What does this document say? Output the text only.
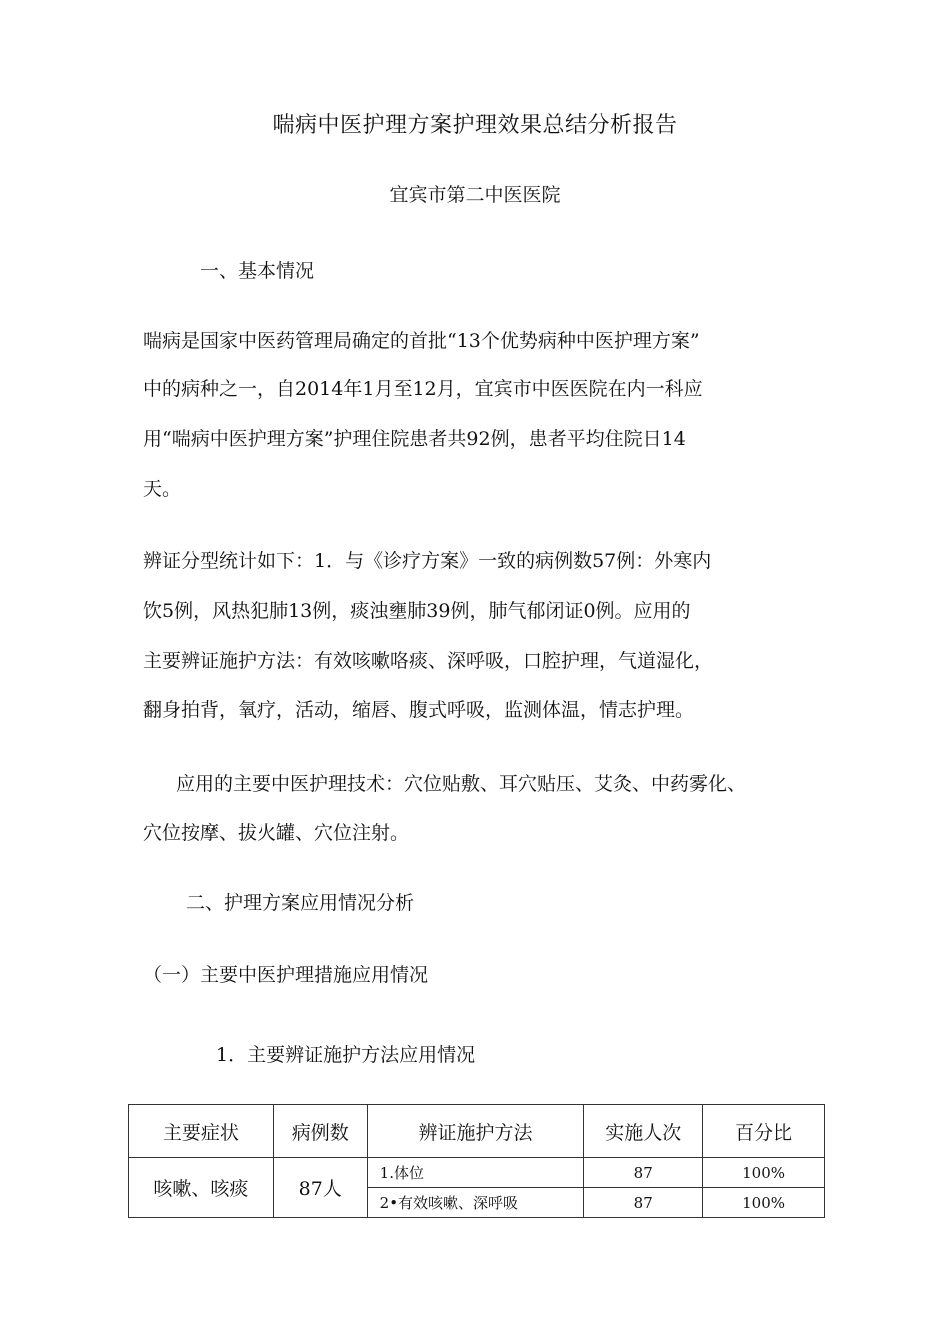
喘病中医护理方案护理效果总结分析报告
宜宾市第二中医医院
一、基本情况
喘病是国家中医药管理局确定的首批“13个优势病种中医护理方案”
中的病种之一，自2014年1月至12月，宜宾市中医医院在内一科应
用“喘病中医护理方案”护理住院患者共92例，患者平均住院日14
天。
辨证分型统计如下：1．与《诊疗方案》一致的病例数57例：外寒内
饮5例，风热犯肺13例，痰浊壅肺39例，肺气郁闭证0例。应用的
主要辨证施护方法：有效咳嗽咯痰、深呼吸，口腔护理，气道湿化，
翻身拍背，氧疗，活动，缩唇、腹式呼吸，监测体温，情志护理。
应用的主要中医护理技术：穴位贴敷、耳穴贴压、艾灸、中药雾化、
穴位按摩、拔火罐、穴位注射。
二、护理方案应用情况分析
（一）主要中医护理措施应用情况
1．主要辨证施护方法应用情况
主要症状	病例数	辨证施护方法	实施人次	百分比
咳嗽、咳痰	87人	1.体位	87	100%
		2•有效咳嗽、深呼吸	87	100%
